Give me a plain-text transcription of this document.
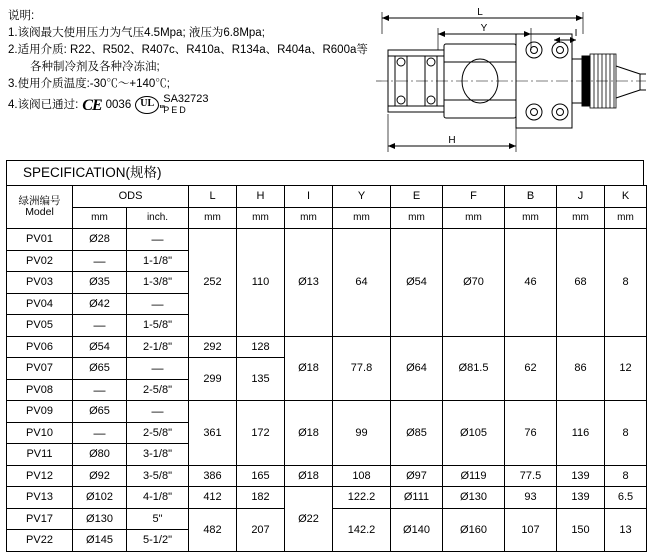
说明:
1.该阀最大使用压力为气压4.5Mpa; 液压为6.8Mpa;
2.适用介质: R22、R502、R407c、R410a、R134a、R404a、R600a等
各种制冷剂及各种冷冻油;
3.使用介质温度:-30℃～+140℃;
4.该阀已通过: CE 0036 UL us
SA32723
PED
L
Y	I
H
SPECIFICATION(规格)
绿洲编号
Model	ODS		L	H	I	Y	E	F	B	J	K
	mm	inch.	mm	mm	mm	mm	mm	mm	mm	mm	mm
PV01	Ø28	—	252	110	Ø13	64	Ø54	Ø70	46	68	8
PV02	—	1-1/8"									
PV03	Ø35	1-3/8"									
PV04	Ø42	—									
PV05	—	1-5/8"									
PV06	Ø54	2-1/8"	292	128	Ø18	77.8	Ø64	Ø81.5	62	86	12
PV07	Ø65	—	299	135							
PV08	—	2-5/8"									
PV09	Ø65	—	361	172	Ø18	99	Ø85	Ø105	76	116	8
PV10	—	2-5/8"									
PV11	Ø80	3-1/8"									
PV12	Ø92	3-5/8"	386	165	Ø18	108	Ø97	Ø119	77.5	139	8
PV13	Ø102	4-1/8"	412	182	Ø22	122.2	Ø111	Ø130	93	139	6.5
PV17	Ø130	5"	482	207		142.2	Ø140	Ø160	107	150	13
PV22	Ø145	5-1/2"									
